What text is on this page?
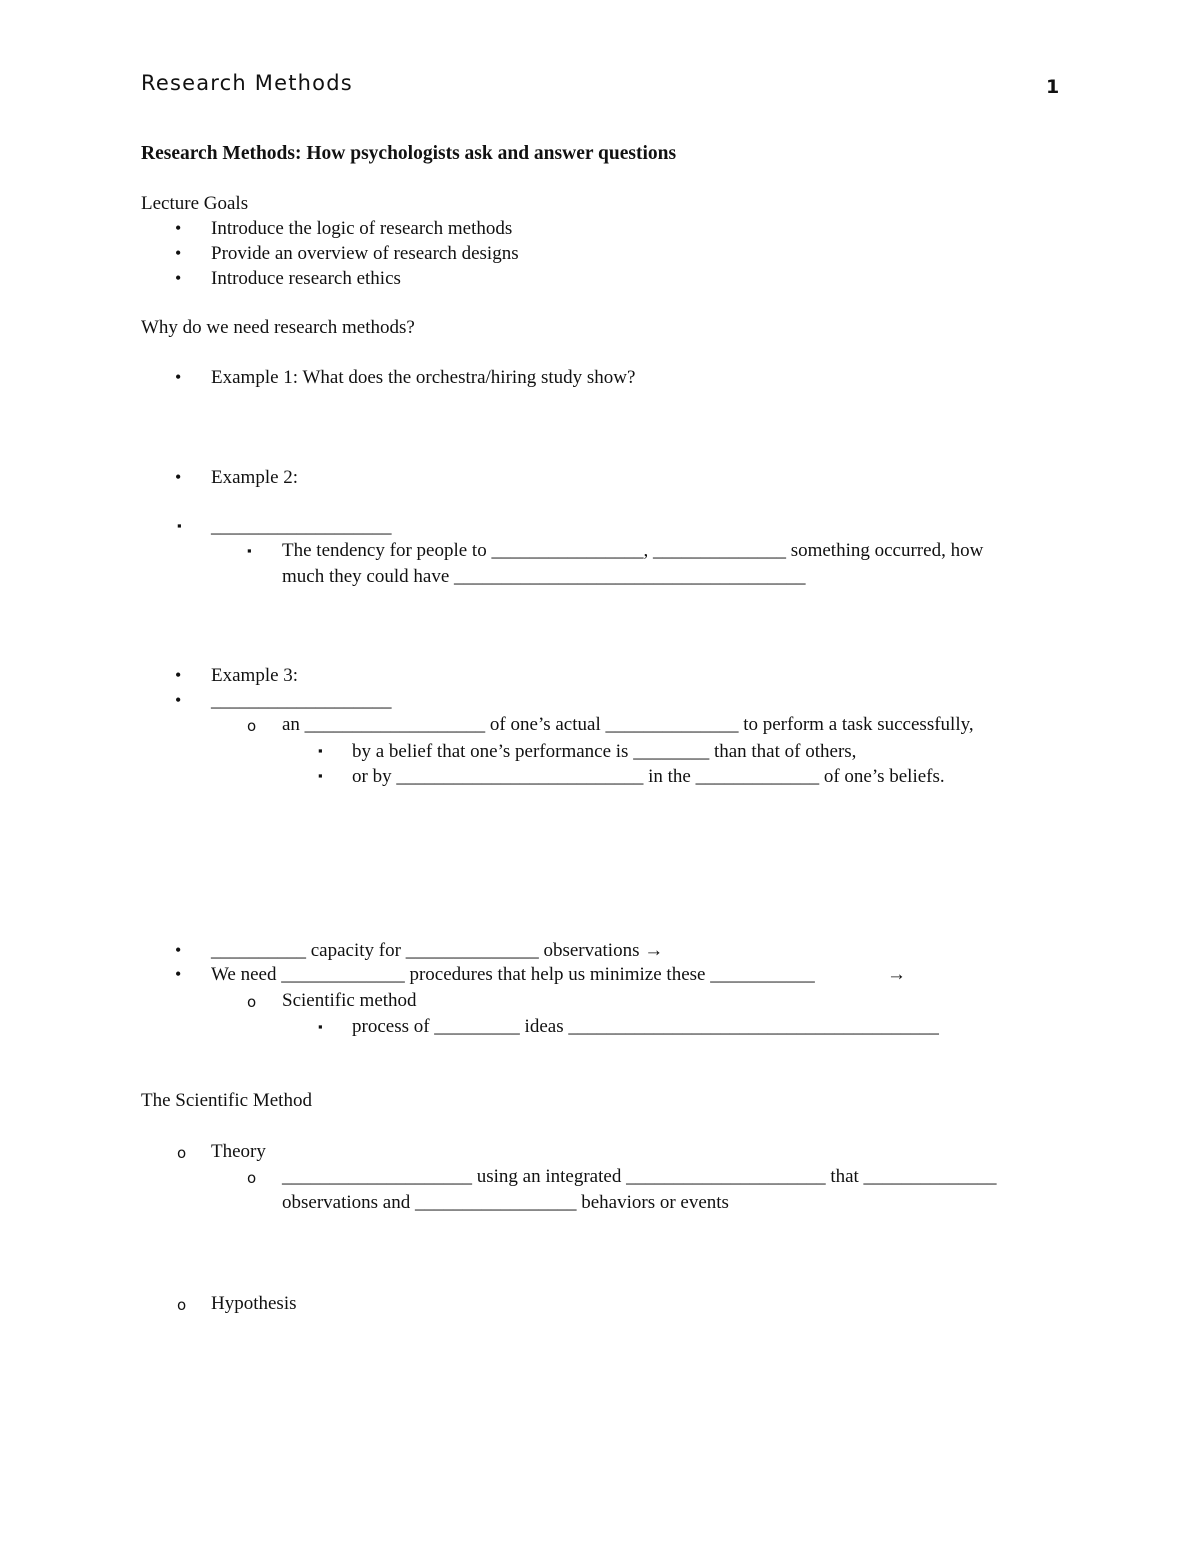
Research Methods	1
Research Methods: How psychologists ask and answer questions
Lecture Goals
• Introduce the logic of research methods
• Provide an overview of research designs
• Introduce research ethics
Why do we need research methods?
• Example 1: What does the orchestra/hiring study show?
• Example 2:
▪ ___________________
▪ The tendency for people to ________________, ______________ something occurred, how
much they could have _____________________________________
• Example 3:
• ___________________
o an ___________________ of one’s actual ______________ to perform a task successfully,
▪ by a belief that one’s performance is ________ than that of others,
▪ or by __________________________ in the _____________ of one’s beliefs.
• __________ capacity for ______________ observations →
• We need _____________ procedures that help us minimize these ___________	→
o Scientific method
▪ process of _________ ideas _______________________________________
The Scientific Method
o Theory
o ____________________ using an integrated _____________________ that ______________
observations and _________________ behaviors or events
o Hypothesis
